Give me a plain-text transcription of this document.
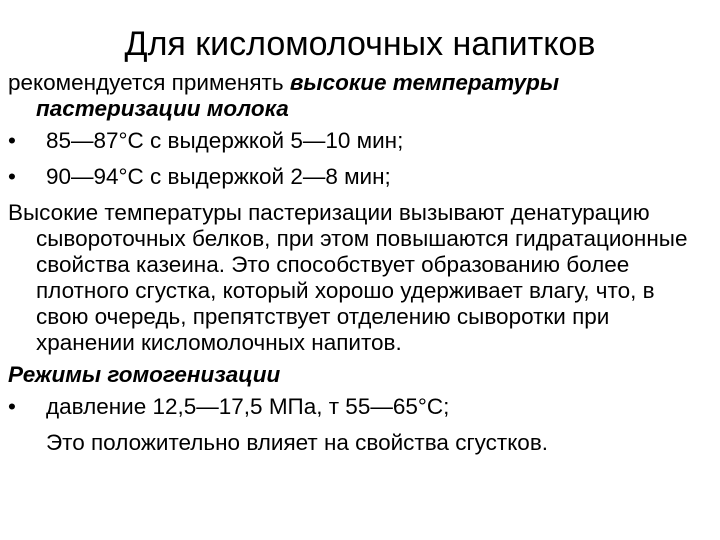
Для кисломолочных напитков

рекомендуется применять высокие температуры пастеризации молока

• 85—87°С с выдержкой 5—10 мин;
• 90—94°С с выдержкой 2—8 мин;

Высокие температуры пастеризации вызывают денатурацию сывороточных белков, при этом повышаются гидратационные свойства казеина. Это способствует образованию более плотного сгустка, который хорошо удерживает влагу, что, в свою очередь, препятствует отделению сыворотки при хранении кисломолочных напитов.

Режимы гомогенизации

• давление 12,5—17,5 МПа, т 55—65°С;

Это положительно влияет на свойства сгустков.
